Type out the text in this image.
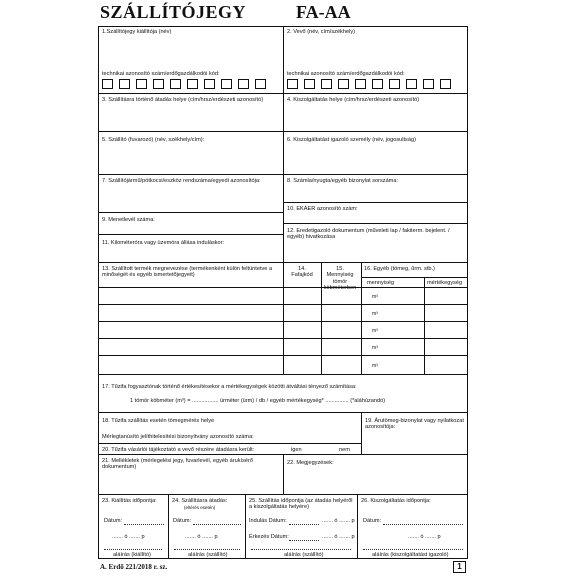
SZÁLLÍTÓJEGY	FA-AA
1.Szállítójegy kiállítója (név)
technikai azonosító szám/erdőgazdálkodói kód:
2. Vevő (név, cím/székhely)
technikai azonosító szám/erdőgazdálkodói kód:
3. Szállításra történő átadás helye (cím/hrsz/erdészeti azonosító)	4. Kiszolgáltatás helye (cím/hrsz/erdészeti azonosító)
5. Szállító (fuvarozó) (név, székhely/cím):	6. Kiszolgáltatást igazoló személy (név, jogosultság)
7. Szállítójármű/pótkocsi/eszköz rendszáma/egyedi azonosítója:	8. Számla/nyugta/egyéb bizonylat sorszáma:
9. Menetlevél száma:
10. EKÁER azonosító szám:
11. Kilométeróra vagy üzemóra állása induláskor:
12. Eredetigazoló dokumentum (műveleti lap / fakiterm. bejelent. / egyéb) hivatkozása
13. Szállított termék megnevezése (termékenként külön feltüntetve a minőségét és egyéb ismertetőjegyeit)
14. Fafajkód
15. Mennyiség tömör köbméterben
16. Egyéb (tömeg, űrm. stb.)
mennyiség	mértékegység
m³
m³
m³
m³
m³
17. Tűzifa fogyasztónak történő értékesítésekor a mértékegységek közötti átváltási tényező számítása:
1 tömör köbméter (m³) = ................. ürméter (ürm) / db / egyéb mértékegység* ............... (*aláhúzandó)
18. Tűzifa szállítás esetén tömegmérés helye
Mérlegtanúsító jelíthitelesítési bizonyítvány azonosító száma:
19. Árutömeg-bizonylat vagy nyilatkozat azonosítója:
20. Tűzifa vásárlói tájékoztató a vevő részére átadásra került:	igen	nem
21. Mellékletek (mérlegelési jegy, fuvarlevél, egyéb árukísérő dokumentum)
22. Megjegyzések:
23. Kiállítás időpontja:	24. Szállításra átadás:
(eltérés esetén)
25. Szállítás időpontja (az átadás helyéről a kiszolgáltatás helyére)
26. Kiszolgáltatás időpontja:
Dátum:
....... ó ....... p
aláírás (kiállító)
Dátum:
....... ó ....... p
aláírás (szállító)
Indulás Dátum:	....... ó ....... p
Érkezés Dátum:	....... ó ....... p
aláírás (szállító)
Dátum:
....... ó ....... p
aláírás (kiszolgáltatást igazoló)
A. Erdő 221/2018 r. sz.	1
